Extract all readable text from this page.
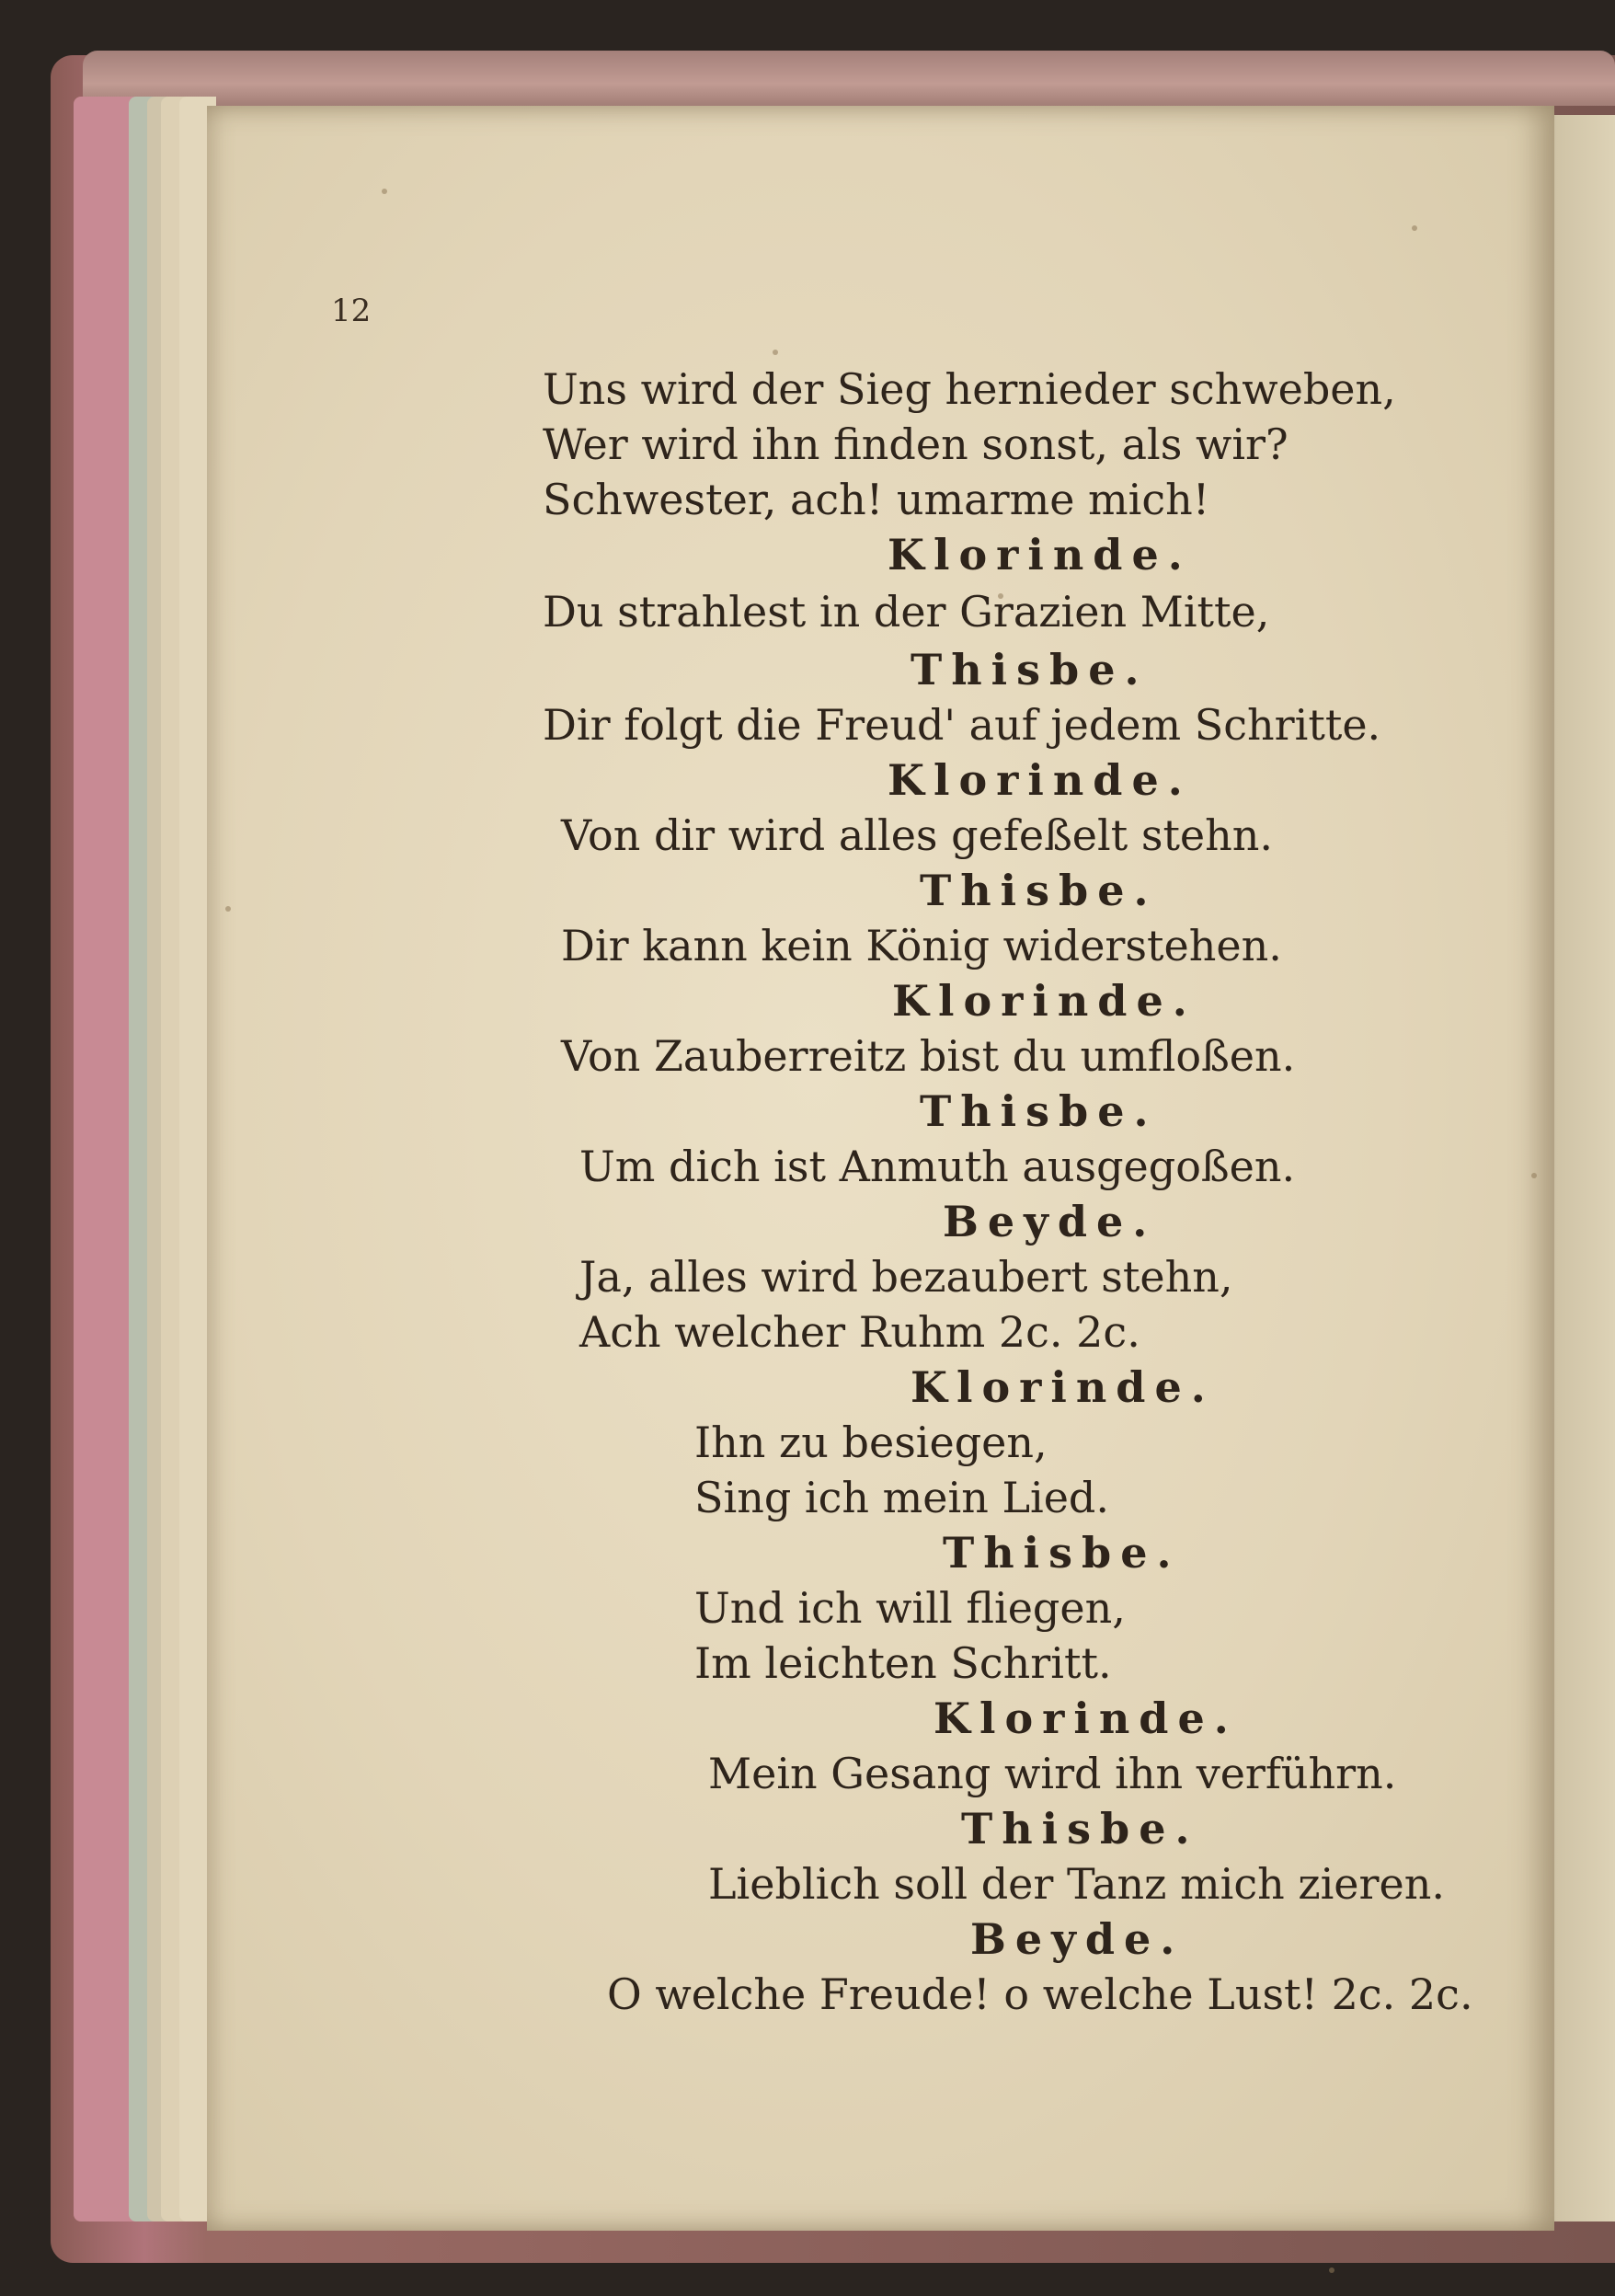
12

Uns wird der Sieg hernieder schweben,

Wer wird ihn finden sonst, als wir?

Schwester, ach! umarme mich!

Klorinde.

Du strahlest in der Grazien Mitte,

Thisbe.

Dir folgt die Freud' auf jedem Schritte.

Klorinde.

Von dir wird alles gefeßelt stehn.

Thisbe.

Dir kann kein König widerstehen.

Klorinde.

Von Zauberreitz bist du umfloßen.

Thisbe.

Um dich ist Anmuth ausgegoßen.

Beyde.

Ja, alles wird bezaubert stehn,

Ach welcher Ruhm 2c. 2c.

Klorinde.

Ihn zu besiegen,

Sing ich mein Lied.

Thisbe.

Und ich will fliegen,

Im leichten Schritt.

Klorinde.

Mein Gesang wird ihn verführn.

Thisbe.

Lieblich soll der Tanz mich zieren.

Beyde.

O welche Freude! o welche Lust! 2c. 2c.
